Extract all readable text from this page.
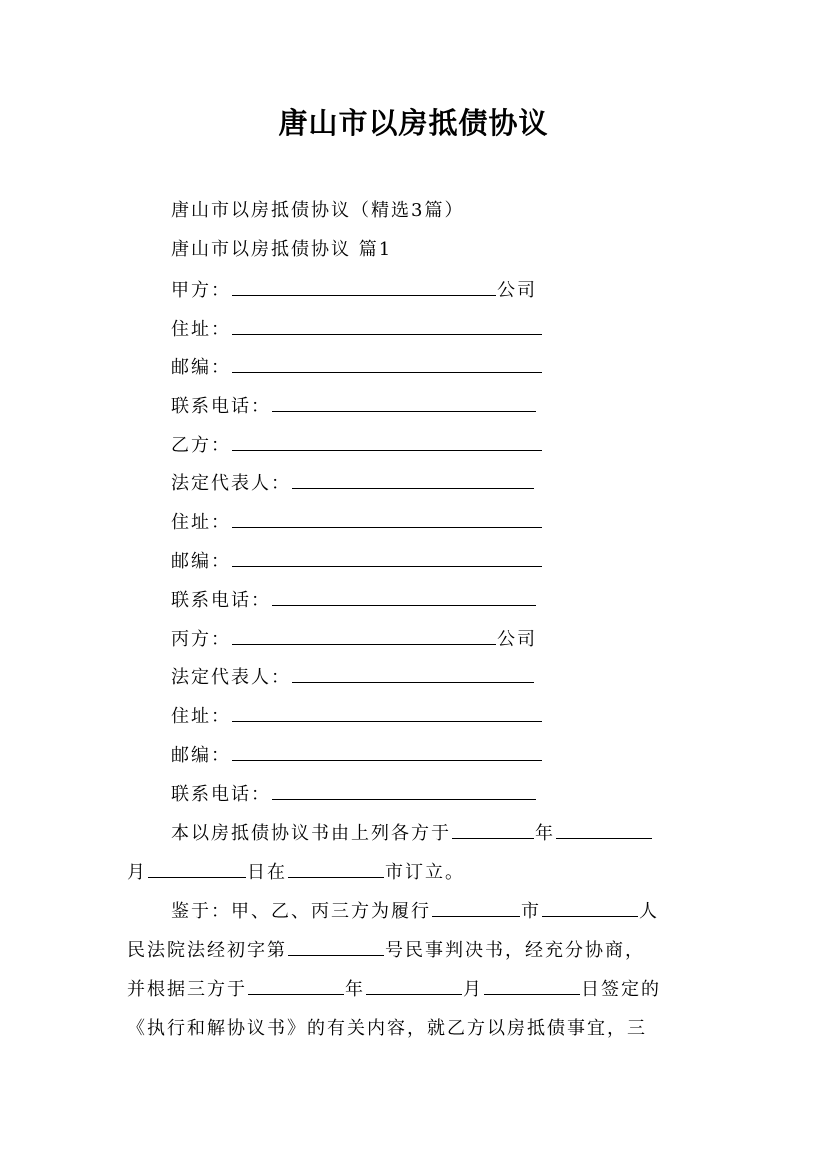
唐山市以房抵债协议
唐山市以房抵债协议（精选3篇）
唐山市以房抵债协议 篇1
甲方：	公司
住址：
邮编：
联系电话：
乙方：
法定代表人：
住址：
邮编：
联系电话：
丙方：	公司
法定代表人：
住址：
邮编：
联系电话：
本以房抵债协议书由上列各方于	年
月	日在	市订立。
鉴于：甲、乙、丙三方为履行	市	人
民法院法经初字第	号民事判决书，经充分协商，
并根据三方于	年	月	日签定的
《执行和解协议书》的有关内容，就乙方以房抵债事宜，三
